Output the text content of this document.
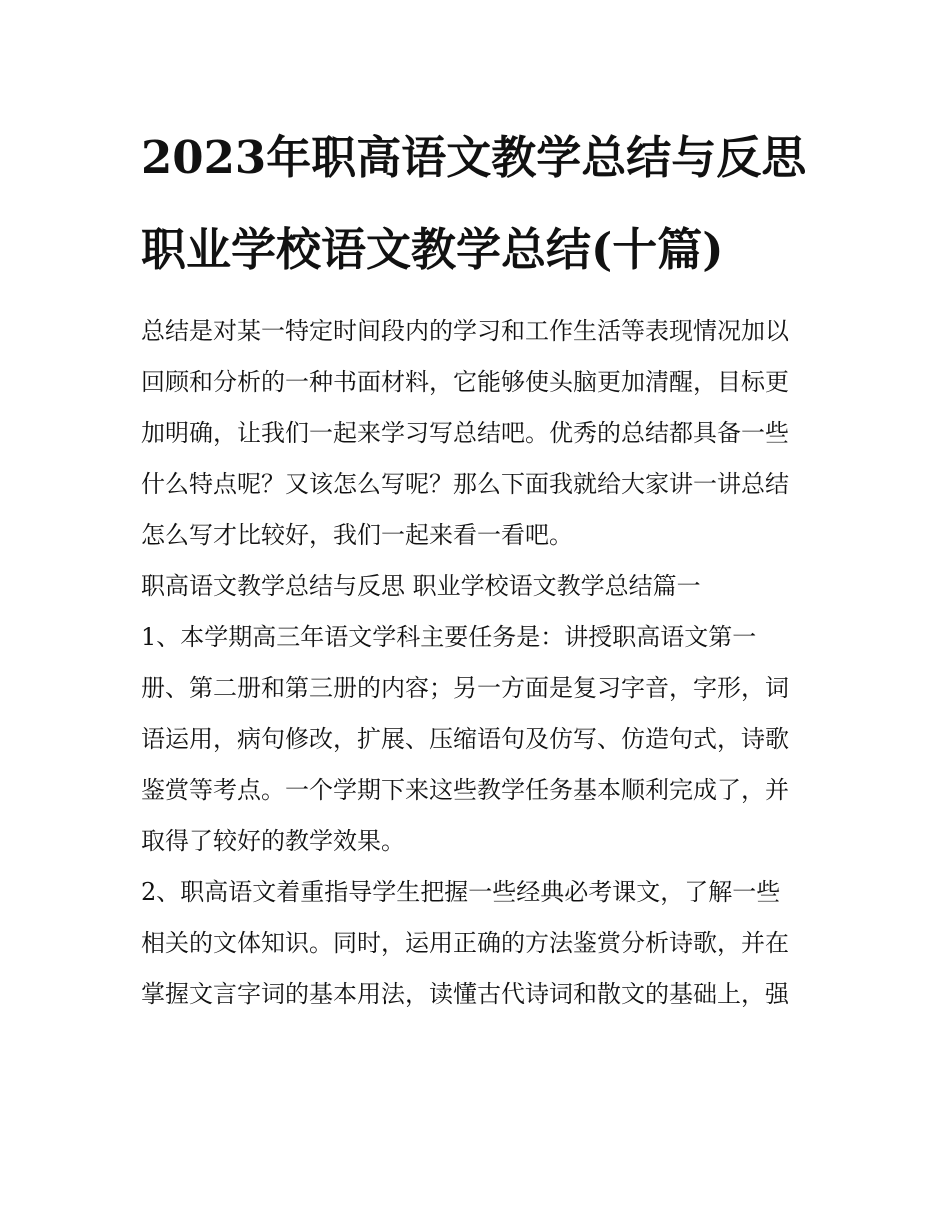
2023年职高语文教学总结与反思 职业学校语文教学总结(十篇)
总结是对某一特定时间段内的学习和工作生活等表现情况加以
回顾和分析的一种书面材料，它能够使头脑更加清醒，目标更
加明确，让我们一起来学习写总结吧。优秀的总结都具备一些
什么特点呢？又该怎么写呢？那么下面我就给大家讲一讲总结
怎么写才比较好，我们一起来看一看吧。
职高语文教学总结与反思 职业学校语文教学总结篇一
1、本学期高三年语文学科主要任务是：讲授职高语文第一
册、第二册和第三册的内容；另一方面是复习字音，字形，词
语运用，病句修改，扩展、压缩语句及仿写、仿造句式，诗歌
鉴赏等考点。一个学期下来这些教学任务基本顺利完成了，并
取得了较好的教学效果。
2、职高语文着重指导学生把握一些经典必考课文，了解一些
相关的文体知识。同时，运用正确的方法鉴赏分析诗歌，并在
掌握文言字词的基本用法，读懂古代诗词和散文的基础上，强
